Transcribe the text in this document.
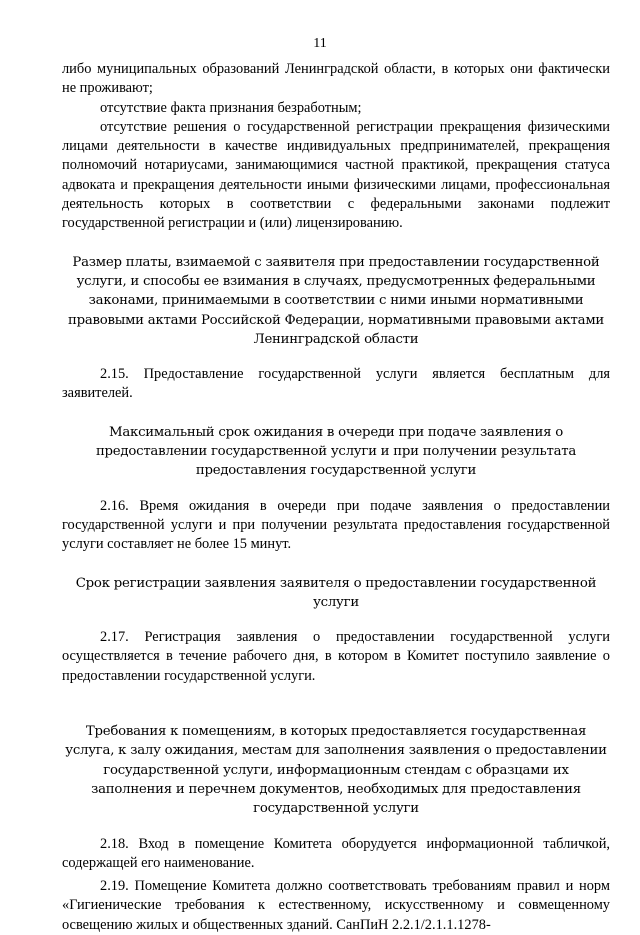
11

либо муниципальных образований Ленинградской области, в которых они фактически не проживают;

отсутствие факта признания безработным;

отсутствие решения о государственной регистрации прекращения физическими лицами деятельности в качестве индивидуальных предпринимателей, прекращения полномочий нотариусами, занимающимися частной практикой, прекращения статуса адвоката и прекращения деятельности иными физическими лицами, профессиональная деятельность которых в соответствии с федеральными законами подлежит государственной регистрации и (или) лицензированию.

Размер платы, взимаемой с заявителя при предоставлении государственной услуги, и способы ее взимания в случаях, предусмотренных федеральными законами, принимаемыми в соответствии с ними иными нормативными правовыми актами Российской Федерации, нормативными правовыми актами Ленинградской области

2.15. Предоставление государственной услуги является бесплатным для заявителей.

Максимальный срок ожидания в очереди при подаче заявления о предоставлении государственной услуги и при получении результата предоставления государственной услуги

2.16. Время ожидания в очереди при подаче заявления о предоставлении государственной услуги и при получении результата предоставления государственной услуги составляет не более 15 минут.

Срок регистрации заявления заявителя о предоставлении государственной услуги

2.17. Регистрация заявления о предоставлении государственной услуги осуществляется в течение рабочего дня, в котором в Комитет поступило заявление о предоставлении государственной услуги.

Требования к помещениям, в которых предоставляется государственная услуга, к залу ожидания, местам для заполнения заявления о предоставлении государственной услуги, информационным стендам с образцами их заполнения и перечнем документов, необходимых для предоставления государственной услуги

2.18. Вход в помещение Комитета оборудуется информационной табличкой, содержащей его наименование.

2.19. Помещение Комитета должно соответствовать требованиям правил и норм «Гигиенические требования к естественному, искусственному и совмещенному освещению жилых и общественных зданий. СанПиН 2.2.1/2.1.1.1278-
